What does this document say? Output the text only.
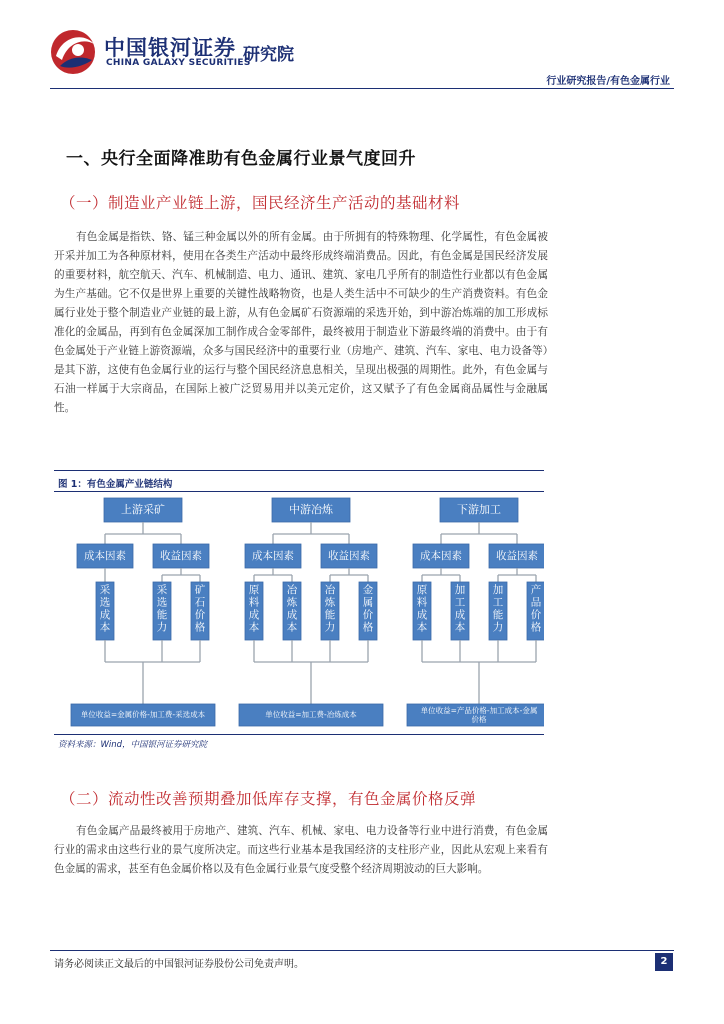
中国银河证券
CHINA GALAXY SECURITIES
研究院
行业研究报告/有色金属行业
一、央行全面降准助有色金属行业景气度回升
（一）制造业产业链上游，国民经济生产活动的基础材料
有色金属是指铁、铬、锰三种金属以外的所有金属。由于所拥有的特殊物理、化学属性，有色金属被开采并加工为各种原材料，使用在各类生产活动中最终形成终端消费品。因此，有色金属是国民经济发展的重要材料，航空航天、汽车、机械制造、电力、通讯、建筑、家电几乎所有的制造性行业都以有色金属为生产基础。它不仅是世界上重要的关键性战略物资，也是人类生活中不可缺少的生产消费资料。有色金属行业处于整个制造业产业链的最上游，从有色金属矿石资源端的采选开始，到中游冶炼端的加工形成标准化的金属品，再到有色金属深加工制作成合金零部件，最终被用于制造业下游最终端的消费中。由于有色金属处于产业链上游资源端，众多与国民经济中的重要行业（房地产、建筑、汽车、家电、电力设备等）是其下游，这使有色金属行业的运行与整个国民经济息息相关，呈现出极强的周期性。此外，有色金属与石油一样属于大宗商品，在国际上被广泛贸易用并以美元定价，这又赋予了有色金属商品属性与金融属性。
图 1：有色金属产业链结构
上游采矿
成本因素	收益因素
采
选
成
本
采
选
能
力
矿
石
价
格
单位收益=金属价格-加工费-采选成本
中游冶炼
成本因素	收益因素
原
料
成
本
冶
炼
成
本
冶
炼
能
力
金
属
价
格
单位收益=加工费-冶炼成本
下游加工
成本因素	收益因素
原
料
成
本
加
工
成
本
加
工
能
力
产
品
价
格
单位收益=产品价格-加工成本-金属
价格
资料来源：Wind，中国银河证券研究院
（二）流动性改善预期叠加低库存支撑，有色金属价格反弹
有色金属产品最终被用于房地产、建筑、汽车、机械、家电、电力设备等行业中进行消费，有色金属行业的需求由这些行业的景气度所决定。而这些行业基本是我国经济的支柱形产业，因此从宏观上来看有色金属的需求，甚至有色金属价格以及有色金属行业景气度受整个经济周期波动的巨大影响。
请务必阅读正文最后的中国银河证券股份公司免责声明。	2
